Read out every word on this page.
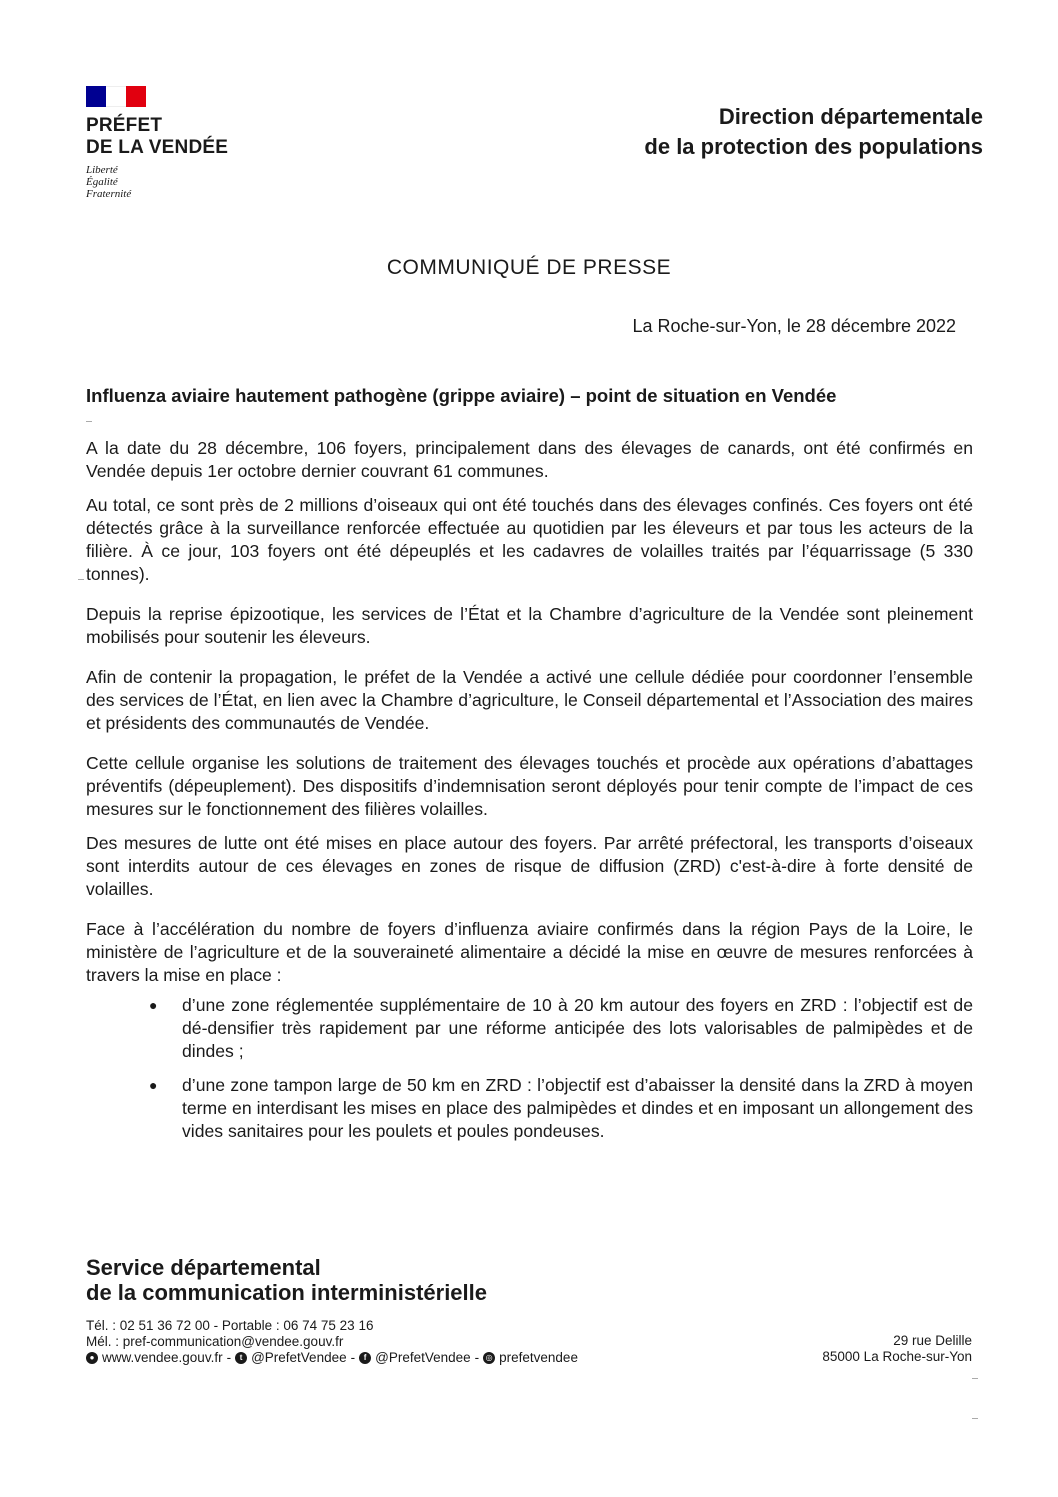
PRÉFET
DE LA VENDÉE
Liberté
Égalité
Fraternité
Direction départementale
de la protection des populations
COMMUNIQUÉ DE PRESSE
La Roche-sur-Yon, le 28 décembre 2022
Influenza aviaire hautement pathogène (grippe aviaire) – point de situation en Vendée

A la date du 28 décembre, 106 foyers, principalement dans des élevages de canards, ont été confirmés en Vendée depuis 1er octobre dernier couvrant 61 communes.

Au total, ce sont près de 2 millions d’oiseaux qui ont été touchés dans des élevages confinés. Ces foyers ont été détectés grâce à la surveillance renforcée effectuée au quotidien par les éleveurs et par tous les acteurs de la filière. À ce jour, 103 foyers ont été dépeuplés et les cadavres de volailles traités par l’équarrissage (5 330 tonnes).

Depuis la reprise épizootique, les services de l’État et la Chambre d’agriculture de la Vendée sont pleinement mobilisés pour soutenir les éleveurs.

Afin de contenir la propagation, le préfet de la Vendée a activé une cellule dédiée pour coordonner l’ensemble des services de l’État, en lien avec la Chambre d’agriculture, le Conseil départemental et l’Association des maires et présidents des communautés de Vendée.

Cette cellule organise les solutions de traitement des élevages touchés et procède aux opérations d’abattages préventifs (dépeuplement). Des dispositifs d’indemnisation seront déployés pour tenir compte de l’impact de ces mesures sur le fonctionnement des filières volailles.

Des mesures de lutte ont été mises en place autour des foyers. Par arrêté préfectoral, les transports d’oiseaux sont interdits autour de ces élevages en zones de risque de diffusion (ZRD) c'est-à-dire à forte densité de volailles.

Face à l’accélération du nombre de foyers d’influenza aviaire confirmés dans la région Pays de la Loire, le ministère de l’agriculture et de la souveraineté alimentaire a décidé la mise en œuvre de mesures renforcées à travers la mise en place :

● d’une zone réglementée supplémentaire de 10 à 20 km autour des foyers en ZRD : l’objectif est de dé-densifier très rapidement par une réforme anticipée des lots valorisables de palmipèdes et de dindes ;
● d’une zone tampon large de 50 km en ZRD : l’objectif est d’abaisser la densité dans la ZRD à moyen terme en interdisant les mises en place des palmipèdes et dindes et en imposant un allongement des vides sanitaires pour les poulets et poules pondeuses.
Service départemental
de la communication interministérielle
Tél. : 02 51 36 72 00 - Portable : 06 74 75 23 16
Mél. : pref-communication@vendee.gouv.fr
● www.vendee.gouv.fr -	t @PrefetVendee -	f @PrefetVendee - ◎ prefetvendee
29 rue Delille
85000 La Roche-sur-Yon
